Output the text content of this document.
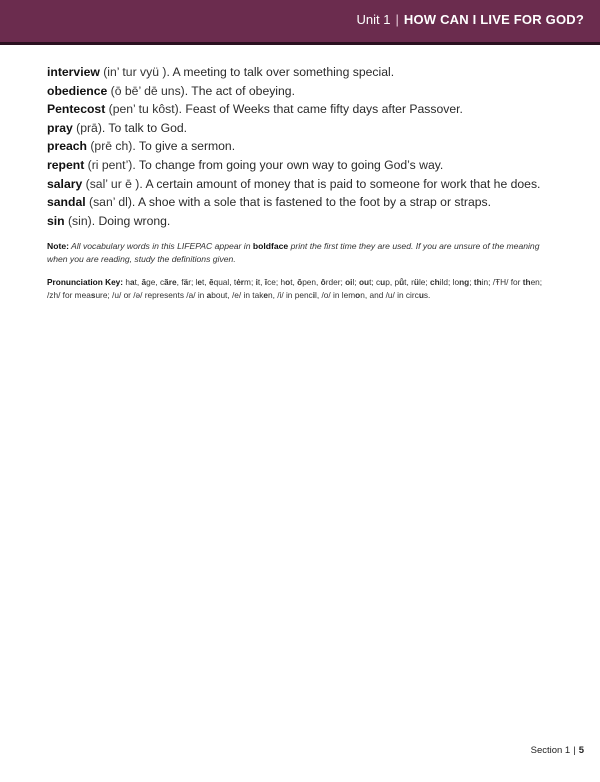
Unit 1 | HOW CAN I LIVE FOR GOD?
interview (in’ tur vyü ). A meeting to talk over something special.
obedience (ō bē’ dē uns). The act of obeying.
Pentecost (pen’ tu kôst). Feast of Weeks that came fifty days after Passover.
pray (prā). To talk to God.
preach (prē ch). To give a sermon.
repent (ri pent’). To change from going your own way to going God’s way.
salary (sal’ ur ē ). A certain amount of money that is paid to someone for work that he does.
sandal (san’ dl). A shoe with a sole that is fastened to the foot by a strap or straps.
sin (sin). Doing wrong.
Note: All vocabulary words in this LIFEPAC appear in boldface print the first time they are used. If you are unsure of the meaning when you are reading, study the definitions given.
Pronunciation Key: hat, āge, cãre, fär; let, ēqual, tėrm; it, īce; hot, ōpen, ôrder; oil; out; cup, půt, rüle; child; long; thin; /ŦH/ for then; /zh/ for measure; /u/ or /ə/ represents /a/ in about, /e/ in taken, /i/ in pencil, /o/ in lemon, and /u/ in circus.
Section 1 | 5
